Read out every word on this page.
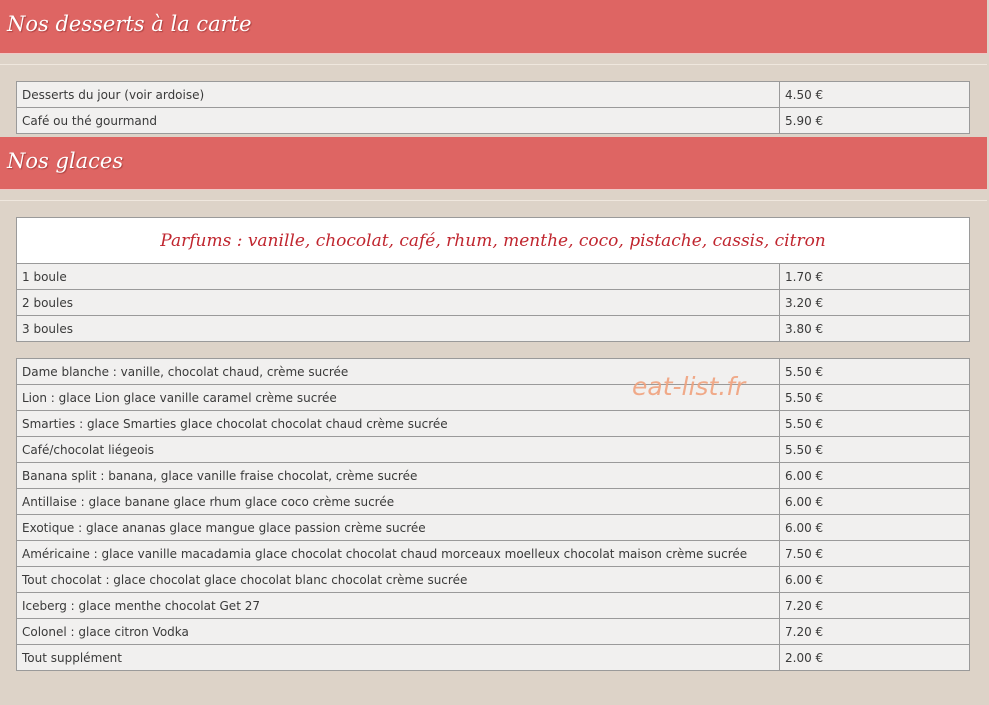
Nos desserts à la carte
Desserts du jour (voir ardoise)	4.50 €
Café ou thé gourmand	5.90 €
Nos glaces
Parfums : vanille, chocolat, café, rhum, menthe, coco, pistache, cassis, citron	
1 boule	1.70 €
2 boules	3.20 €
3 boules	3.80 €
Dame blanche : vanille, chocolat chaud, crème sucrée	5.50 €
Lion : glace Lion glace vanille caramel crème sucrée	5.50 €
Smarties : glace Smarties glace chocolat chocolat chaud crème sucrée	5.50 €
Café/chocolat liégeois	5.50 €
Banana split : banana, glace vanille fraise chocolat, crème sucrée	6.00 €
Antillaise : glace banane glace rhum glace coco crème sucrée	6.00 €
Exotique : glace ananas glace mangue glace passion crème sucrée	6.00 €
Américaine : glace vanille macadamia glace chocolat chocolat chaud morceaux moelleux chocolat maison crème sucrée	7.50 €
Tout chocolat : glace chocolat glace chocolat blanc chocolat crème sucrée	6.00 €
Iceberg : glace menthe chocolat Get 27	7.20 €
Colonel : glace citron Vodka	7.20 €
Tout supplément	2.00 €
eat-list.fr
